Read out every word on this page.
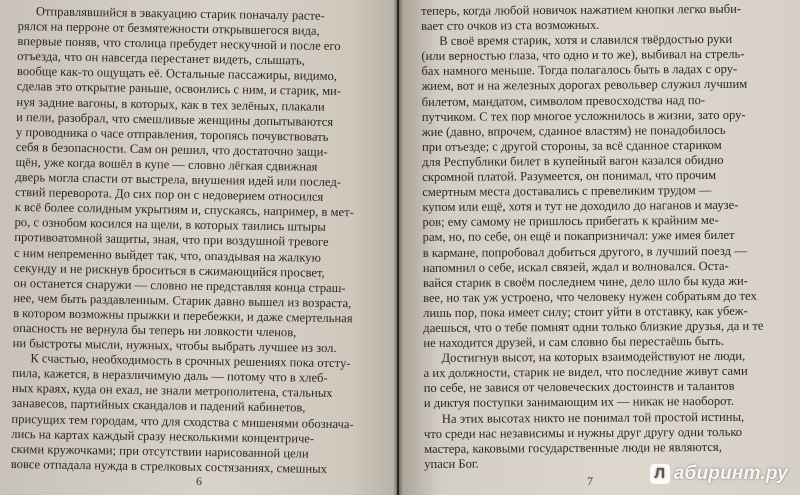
Отправлявшийся в эвакуацию старик поначалу расте-
рялся на перроне от безмятежности открывшегося вида,
впервые поняв, что столица пребудет нескучной и после его
отъезда, что он навсегда перестанет видеть, слышать,
вообще как-то ощущать её. Остальные пассажиры, видимо,
сделав это открытие раньше, освоились с ним, и старик, ми-
нуя задние вагоны, в которых, как в тех зелёных, плакали
и пели, разобрал, что смешливые женщины допытываются
у проводника о часе отправления, торопясь почувствовать
себя в безопасности. Сам он решил, что достаточно защи-
щён, уже когда вошёл в купе — словно лёгкая сдвижная
дверь могла спасти от выстрела, внушения идей или послед-
ствий переворота. До сих пор он с недоверием относился
к всё более солидным укрытиям и, спускаясь, например, в мет-
ро, с ознобом косился на щели, в которых таились штыры
противоатомной защиты, зная, что при воздушной тревоге
с ним непременно выйдет так, что, опаздывая на жалкую
секунду и не рискнув броситься в сжимающийся просвет,
он останется снаружи — словно не представляя конца страш-
нее, чем быть раздавленным. Старик давно вышел из возраста,
в котором возможны прыжки и перебежки, и даже смертельная
опасность не вернула бы теперь ни ловкости членов,
ни быстроты мысли, нужных, чтобы выбрать лучшее из зол.
К счастью, необходимость в срочных решениях пока отсту-
пила, кажется, в неразличимую даль — потому что в хлеб-
ных краях, куда он ехал, не знали метрополитена, стальных
занавесов, партийных скандалов и падений кабинетов,
присущих тем городам, что для сходства с мишенями обознача-
лись на картах каждый сразу несколькими концентриче-
скими кружочками; при отсутствии нарисованной цели
вовсе отпадала нужда в стрелковых состязаниях, смешных
6
теперь, когда любой новичок нажатием кнопки легко выби-
вает сто очков из ста возможных.
В своё время старик, хотя и славился твёрдостью руки
(или верностью глаза, что одно и то же), выбивал на стрель-
бах намного меньше. Тогда полагалось быть в ладах с ору-
жием, вот и на железных дорогах револьвер служил лучшим
билетом, мандатом, символом превосходства над по-
путчиком. С тех пор многое усложнилось в жизни, зато ору-
жие (давно, впрочем, сданное властям) не понадобилось
при отъезде; с другой стороны, за всё сданное стариком
для Республики билет в купейный вагон казался обидно
скромной платой. Разумеется, он понимал, что прочим
смертным места доставались с превеликим трудом —
купом или ещё, хотя и тут не доходило до наганов и маузе-
ров; ему самому не пришлось прибегать к крайним ме-
рам, но, по себе, он ещё и покапризничал: уже имея билет
в кармане, попробовал добиться другого, в лучший поезд —
напомнил о себе, искал связей, ждал и волновался. Оста-
вайся старик в своём последнем чине, дело шло бы куда жи-
вее, но так уж устроено, что человеку нужен собратьям до тех
лишь пор, пока имеет силу; стоит уйти в отставку, как убеж-
даешься, что о тебе помнят одни только близкие друзья, да и те
не находится друзей, и сам словно бы перестаёшь быть.
Достигнув высот, на которых взаимодействуют не люди,
а их должности, старик не видел, что последние живут сами
по себе, не завися от человеческих достоинств и талантов
и диктуя поступки занимающим их — никак не наоборот.
На этих высотах никто не понимал той простой истины,
что среди нас независимы и нужны друг другу одни только
мастера, каковыми государственные люди не являются,
упаси Бог.
7	Л абиринт.ру
